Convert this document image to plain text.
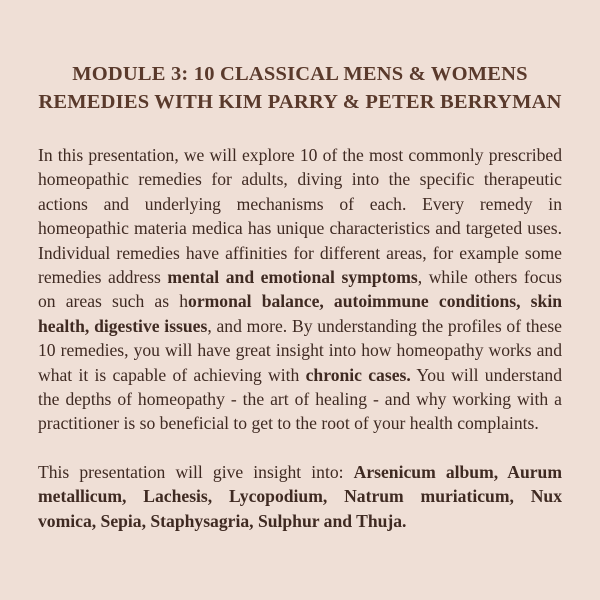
MODULE 3: 10 CLASSICAL MENS & WOMENS
REMEDIES WITH KIM PARRY & PETER BERRYMAN

In this presentation, we will explore 10 of the most commonly prescribed homeopathic remedies for adults, diving into the specific therapeutic actions and underlying mechanisms of each. Every remedy in homeopathic materia medica has unique characteristics and targeted uses. Individual remedies have affinities for different areas, for example some remedies address mental and emotional symptoms, while others focus on areas such as hormonal balance, autoimmune conditions, skin health, digestive issues, and more. By understanding the profiles of these 10 remedies, you will have great insight into how homeopathy works and what it is capable of achieving with chronic cases. You will understand the depths of homeopathy - the art of healing - and why working with a practitioner is so beneficial to get to the root of your health complaints.

This presentation will give insight into: Arsenicum album, Aurum metallicum, Lachesis, Lycopodium, Natrum muriaticum, Nux vomica, Sepia, Staphysagria, Sulphur and Thuja.
